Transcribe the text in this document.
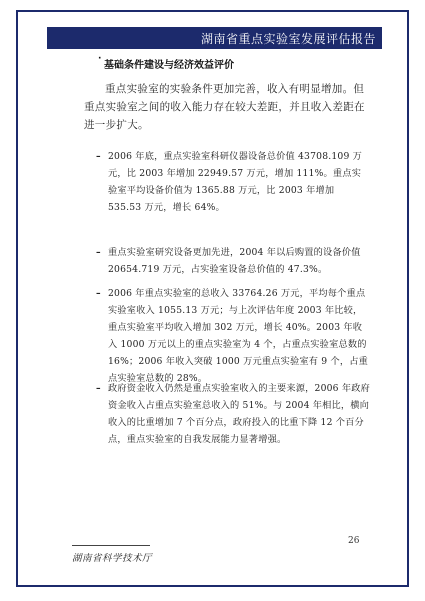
湖南省重点实验室发展评估报告
·
基础条件建设与经济效益评价

重点实验室的实验条件更加完善，收入有明显增加。但重点实验室之间的收入能力存在较大差距，并且收入差距在进一步扩大。

– 2006 年底，重点实验室科研仪器设备总价值 43708.109 万元，比 2003 年增加 22949.57 万元，增加 111%。重点实验室平均设备价值为 1365.88 万元，比 2003 年增加 535.53 万元，增长 64%。
– 重点实验室研究设备更加先进，2004 年以后购置的设备价值 20654.719 万元，占实验室设备总价值的 47.3%。
– 2006 年重点实验室的总收入 33764.26 万元，平均每个重点实验室收入 1055.13 万元；与上次评估年度 2003 年比较，重点实验室平均收入增加 302 万元，增长 40%。2003 年收入 1000 万元以上的重点实验室为 4 个，占重点实验室总数的 16%；2006 年收入突破 1000 万元重点实验室有 9 个，占重点实验室总数的 28%。
– 政府资金收入仍然是重点实验室收入的主要来源，2006 年政府资金收入占重点实验室总收入的 51%。与 2004 年相比，横向收入的比重增加 7 个百分点，政府投入的比重下降 12 个百分点，重点实验室的自我发展能力显著增强。
26
湖南省科学技术厅
